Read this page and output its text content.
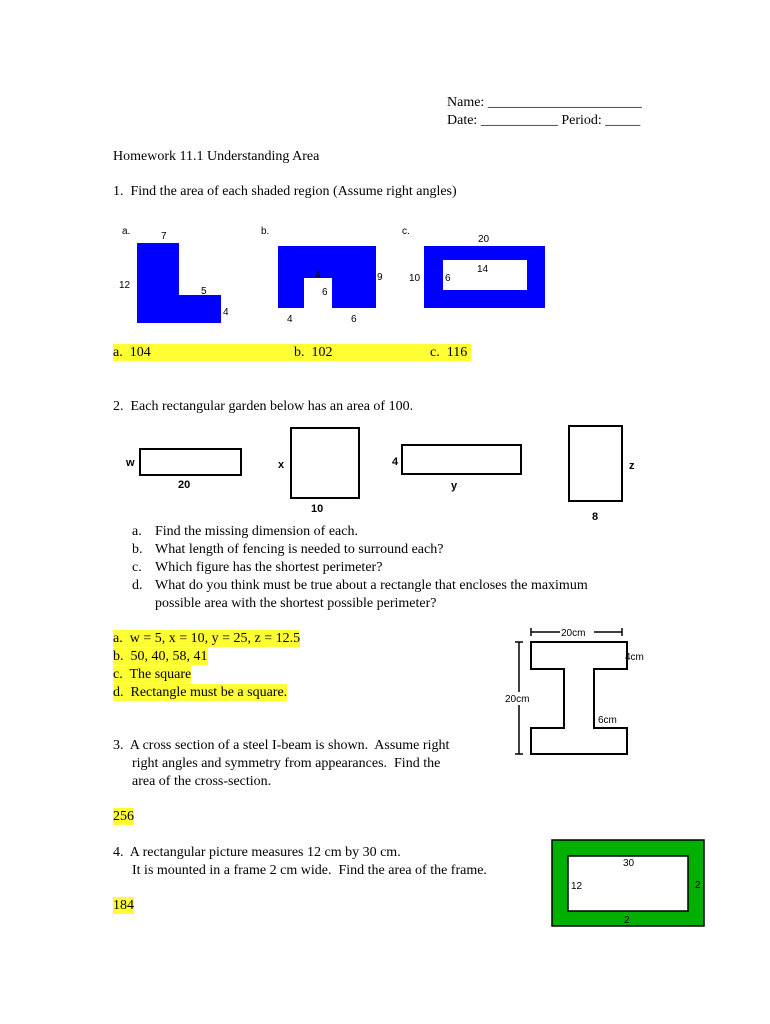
Name: ______________________
Date: ___________ Period: _____
Homework 11.1 Understanding Area
1.  Find the area of each shaded region (Assume right angles)
a.	7
12
5
4
b.
4
6
9
4	6
c.
20
14
10 6
a.  104	b.  102	c.  116
2.  Each rectangular garden below has an area of 100.
w
20
x
10
4
y
z
8
a. Find the missing dimension of each.
b. What length of fencing is needed to surround each?
c. Which figure has the shortest perimeter?
d. What do you think must be true about a rectangle that encloses the maximum
possible area with the shortest possible perimeter?
a.  w = 5, x = 10, y = 25, z = 12.5
b.  50, 40, 58, 41
c.  The square
d.  Rectangle must be a square.
20cm
4cm
20cm
6cm
3.  A cross section of a steel I-beam is shown.  Assume right
right angles and symmetry from appearances.  Find the
area of the cross-section.
256
4.  A rectangular picture measures 12 cm by 30 cm.
It is mounted in a frame 2 cm wide.  Find the area of the frame.
184
30
12	2
2
